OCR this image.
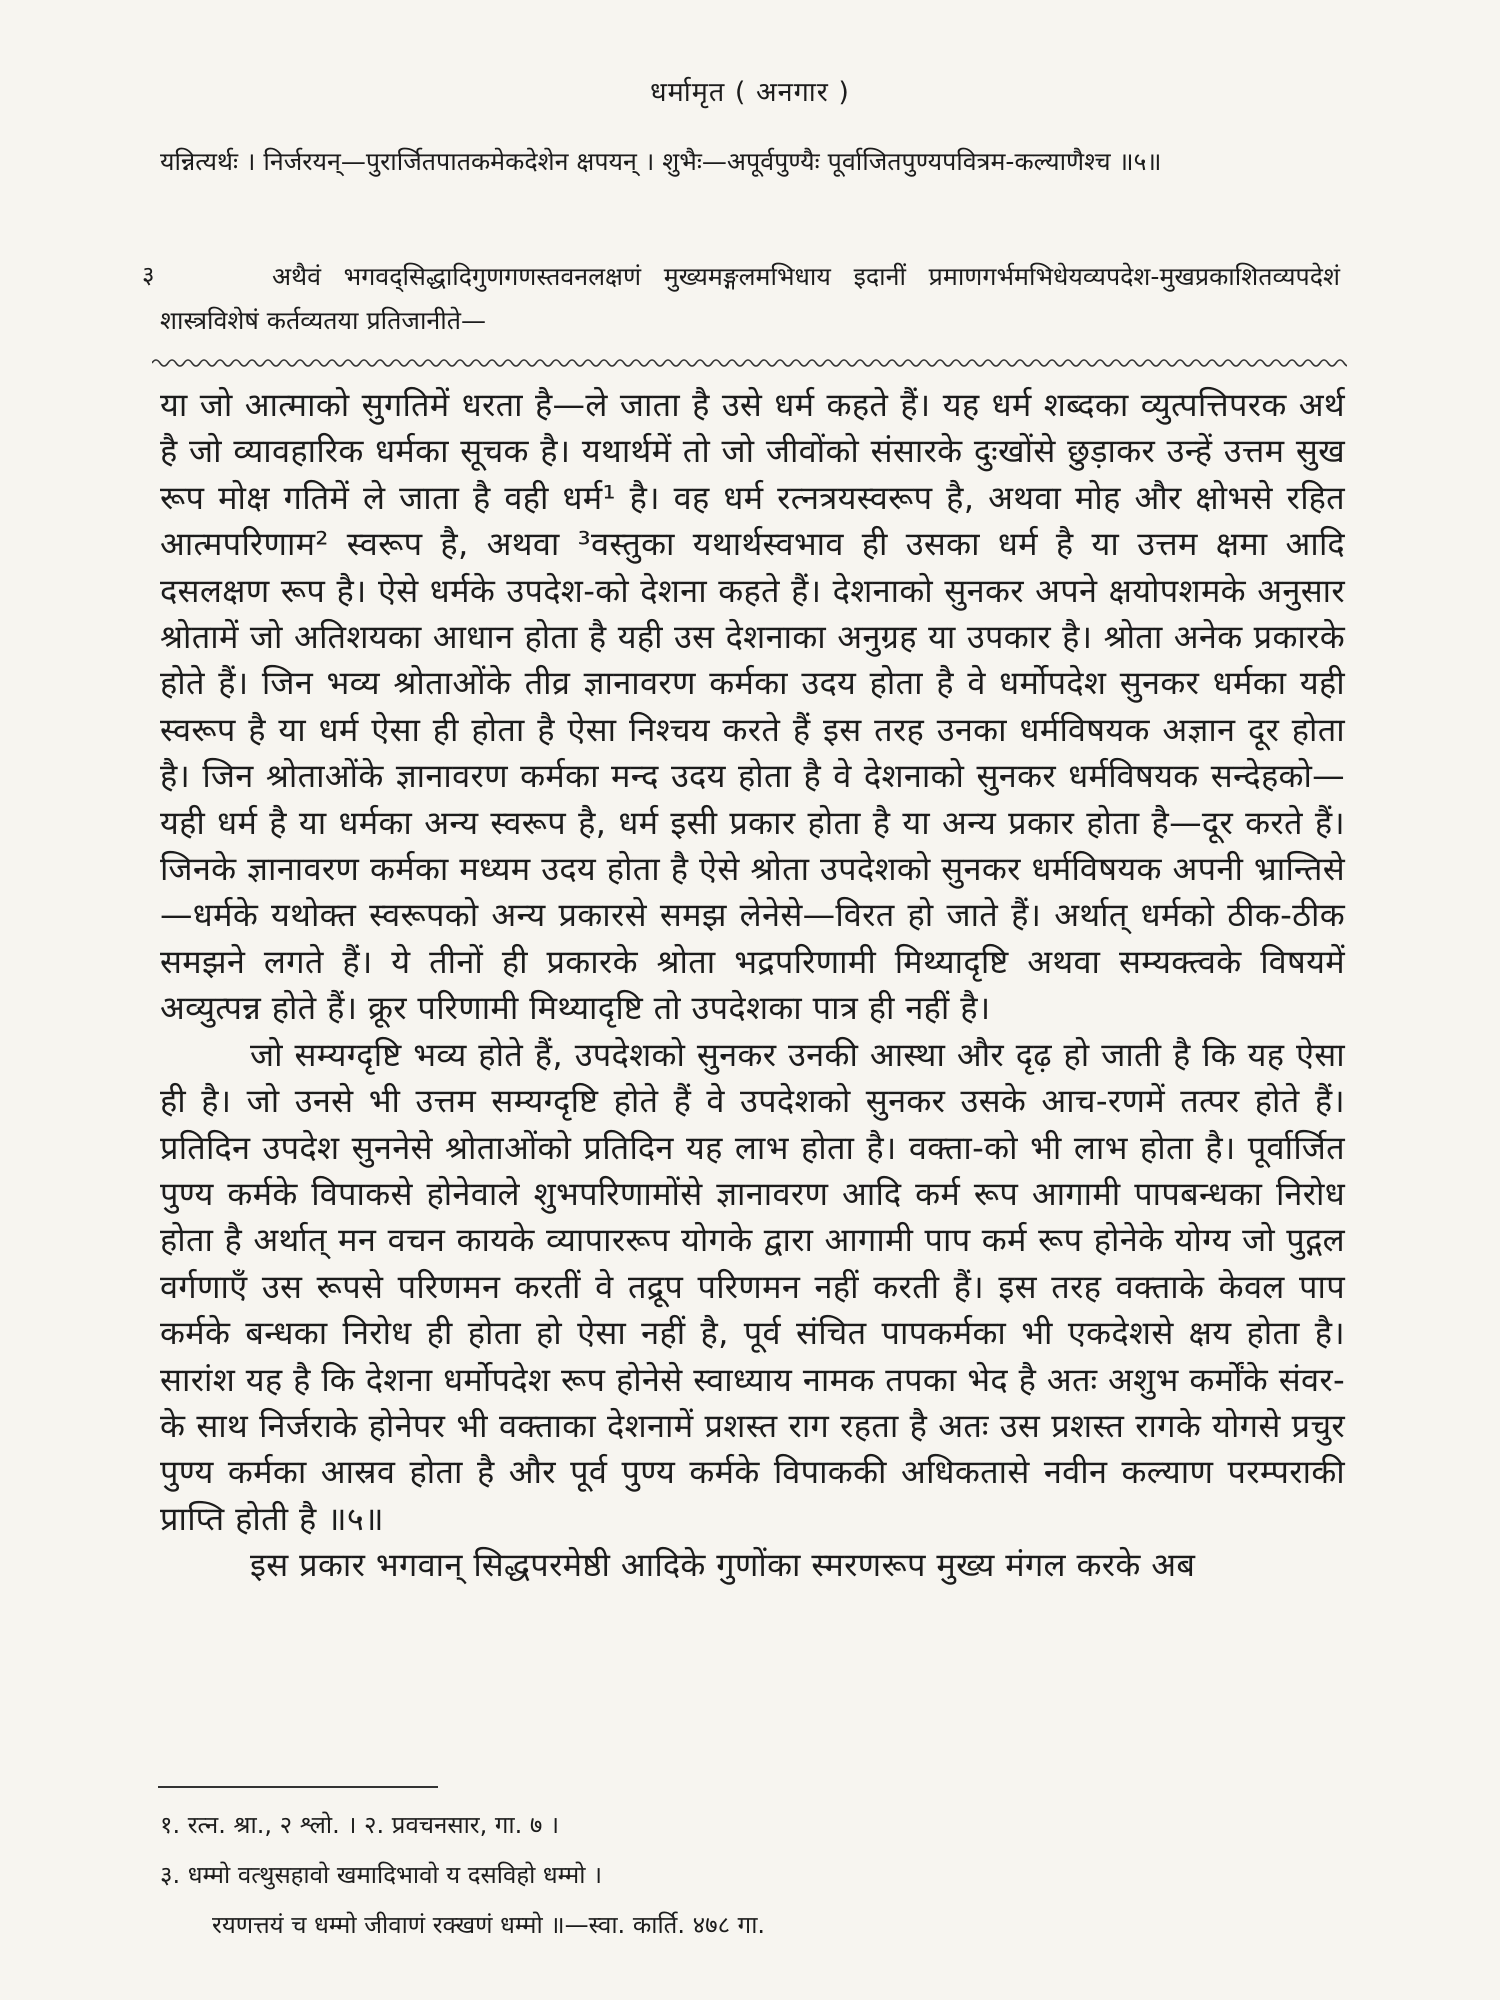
धर्मामृत ( अनगार )
यन्नित्यर्थः । निर्जरयन्—पुरार्जितपातकमेकदेशेन क्षपयन् । शुभैः—अपूर्वपुण्यैः पूर्वाजितपुण्यपवित्रम-कल्याणैश्च ॥५॥
३	अथैवं भगवद्सिद्धादिगुणगणस्तवनलक्षणं मुख्यमङ्गलमभिधाय इदानीं प्रमाणगर्भमभिधेयव्यपदेश-मुखप्रकाशितव्यपदेशं शास्त्रविशेषं कर्तव्यतया प्रतिजानीते—

या जो आत्माको सुगतिमें धरता है—ले जाता है उसे धर्म कहते हैं। यह धर्म शब्दका व्युत्पत्तिपरक अर्थ है जो व्यावहारिक धर्मका सूचक है। यथार्थमें तो जो जीवोंको संसारके दुःखोंसे छुड़ाकर उन्हें उत्तम सुख रूप मोक्ष गतिमें ले जाता है वही धर्म¹ है। वह धर्म रत्नत्रयस्वरूप है, अथवा मोह और क्षोभसे रहित आत्मपरिणाम² स्वरूप है, अथवा ³वस्तुका यथार्थस्वभाव ही उसका धर्म है या उत्तम क्षमा आदि दसलक्षण रूप है। ऐसे धर्मके उपदेश-को देशना कहते हैं। देशनाको सुनकर अपने क्षयोपशमके अनुसार श्रोतामें जो अतिशयका आधान होता है यही उस देशनाका अनुग्रह या उपकार है। श्रोता अनेक प्रकारके होते हैं। जिन भव्य श्रोताओंके तीव्र ज्ञानावरण कर्मका उदय होता है वे धर्मोपदेश सुनकर धर्मका यही स्वरूप है या धर्म ऐसा ही होता है ऐसा निश्चय करते हैं इस तरह उनका धर्मविषयक अज्ञान दूर होता है। जिन श्रोताओंके ज्ञानावरण कर्मका मन्द उदय होता है वे देशनाको सुनकर धर्मविषयक सन्देहको—यही धर्म है या धर्मका अन्य स्वरूप है, धर्म इसी प्रकार होता है या अन्य प्रकार होता है—दूर करते हैं। जिनके ज्ञानावरण कर्मका मध्यम उदय होता है ऐसे श्रोता उपदेशको सुनकर धर्मविषयक अपनी भ्रान्तिसे—धर्मके यथोक्त स्वरूपको अन्य प्रकारसे समझ लेनेसे—विरत हो जाते हैं। अर्थात् धर्मको ठीक-ठीक समझने लगते हैं। ये तीनों ही प्रकारके श्रोता भद्रपरिणामी मिथ्यादृष्टि अथवा सम्यक्त्वके विषयमें अव्युत्पन्न होते हैं। क्रूर परिणामी मिथ्यादृष्टि तो उपदेशका पात्र ही नहीं है।

जो सम्यग्दृष्टि भव्य होते हैं, उपदेशको सुनकर उनकी आस्था और दृढ़ हो जाती है कि यह ऐसा ही है। जो उनसे भी उत्तम सम्यग्दृष्टि होते हैं वे उपदेशको सुनकर उसके आच-रणमें तत्पर होते हैं। प्रतिदिन उपदेश सुननेसे श्रोताओंको प्रतिदिन यह लाभ होता है। वक्ता-को भी लाभ होता है। पूर्वार्जित पुण्य कर्मके विपाकसे होनेवाले शुभपरिणामोंसे ज्ञानावरण आदि कर्म रूप आगामी पापबन्धका निरोध होता है अर्थात् मन वचन कायके व्यापाररूप योगके द्वारा आगामी पाप कर्म रूप होनेके योग्य जो पुद्गल वर्गणाएँ उस रूपसे परिणमन करतीं वे तद्रूप परिणमन नहीं करती हैं। इस तरह वक्ताके केवल पाप कर्मके बन्धका निरोध ही होता हो ऐसा नहीं है, पूर्व संचित पापकर्मका भी एकदेशसे क्षय होता है। सारांश यह है कि देशना धर्मोपदेश रूप होनेसे स्वाध्याय नामक तपका भेद है अतः अशुभ कर्मोंके संवर-के साथ निर्जराके होनेपर भी वक्ताका देशनामें प्रशस्त राग रहता है अतः उस प्रशस्त रागके योगसे प्रचुर पुण्य कर्मका आस्रव होता है और पूर्व पुण्य कर्मके विपाककी अधिकतासे नवीन कल्याण परम्पराकी प्राप्ति होती है ॥५॥

इस प्रकार भगवान् सिद्धपरमेष्ठी आदिके गुणोंका स्मरणरूप मुख्य मंगल करके अब

१. रत्न. श्रा., २ श्लो. । २. प्रवचनसार, गा. ७ ।
३. धम्मो वत्थुसहावो खमादिभावो य दसविहो धम्मो ।
रयणत्तयं च धम्मो जीवाणं रक्खणं धम्मो ॥—स्वा. कार्ति. ४७८ गा.
